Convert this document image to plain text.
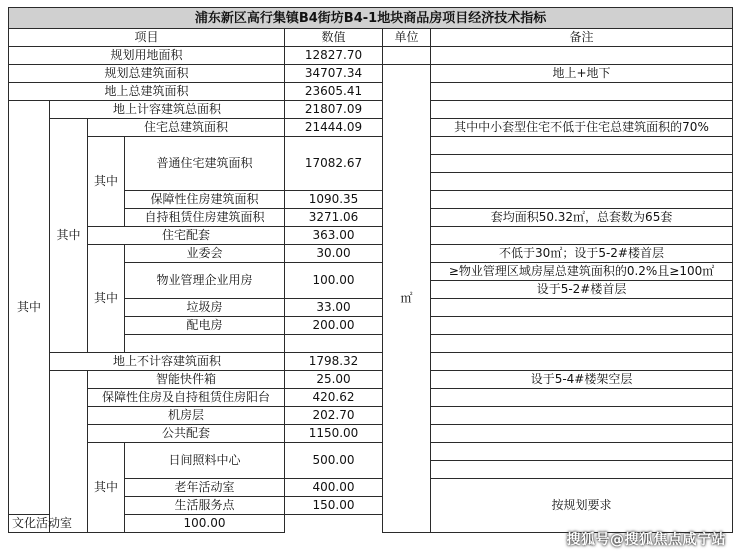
浦东新区高行集镇B4街坊B4-1地块商品房项目经济技术指标						
项目				数值	单位	备注
规划用地面积				12827.70		
规划总建筑面积				34707.34	㎡	地上+地下
地上总建筑面积				23605.41		
其中	地上计容建筑总面积			21807.09		
	其中	住宅总建筑面积		21444.09		其中中小套型住宅不低于住宅总建筑面积的70%
		其中	普通住宅建筑面积	17082.67		

			保障性住房建筑面积	1090.35		
			自持租赁住房建筑面积	3271.06		套均面积50.32㎡，总套数为65套
		住宅配套		363.00		
		其中	业委会	30.00		不低于30㎡；设于5-2#楼首层
			物业管理企业用房	100.00		≥物业管理区域房屋总建筑面积的0.2%且≥100㎡
						设于5-2#楼首层
			垃圾房	33.00		
			配电房	200.00		

	地上不计容建筑面积			1798.32		
		智能快件箱		25.00		设于5-4#楼架空层
		保障性住房及自持租赁住房阳台		420.62		
		机房层		202.70		
		公共配套		1150.00		
		其中	日间照料中心	500.00		

			老年活动室	400.00		按规划要求
			生活服务点	150.00		
文化活动室			100.00			
搜狐号@搜狐焦点咸宁站
